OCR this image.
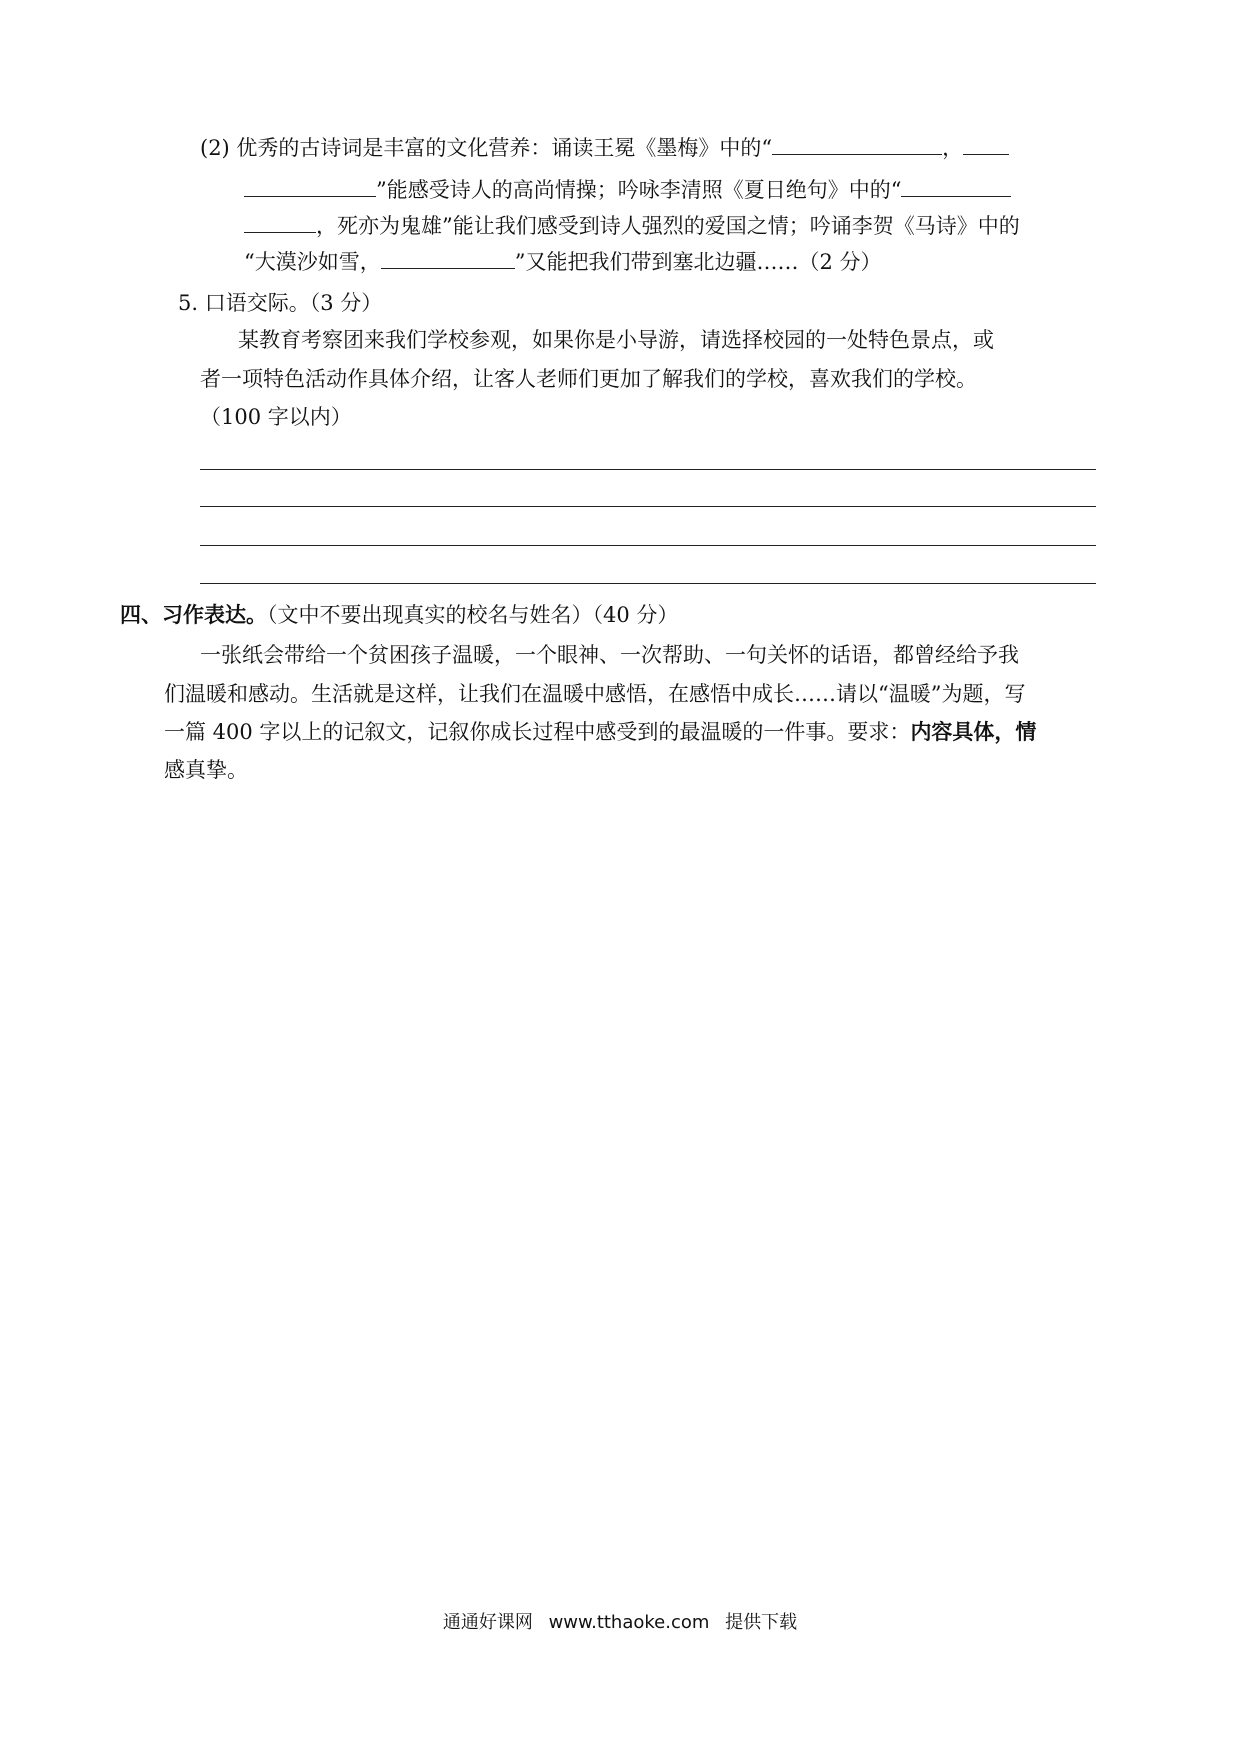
(2) 优秀的古诗词是丰富的文化营养：诵读王冕《墨梅》中的“	，
”能感受诗人的高尚情操；吟咏李清照《夏日绝句》中的“
，死亦为鬼雄”能让我们感受到诗人强烈的爱国之情；吟诵李贺《马诗》中的
“大漠沙如雪，	”又能把我们带到塞北边疆……（2 分）
5. 口语交际。（3 分）
某教育考察团来我们学校参观，如果你是小导游，请选择校园的一处特色景点，或
者一项特色活动作具体介绍，让客人老师们更加了解我们的学校，喜欢我们的学校。
（100 字以内）
四、习作表达。（文中不要出现真实的校名与姓名）（40 分）
一张纸会带给一个贫困孩子温暖，一个眼神、一次帮助、一句关怀的话语，都曾经给予我
们温暖和感动。生活就是这样，让我们在温暖中感悟，在感悟中成长……请以“温暖”为题，写
一篇 400 字以上的记叙文，记叙你成长过程中感受到的最温暖的一件事。要求：内容具体，情
感真挚。
通通好课网 www.tthaoke.com 提供下载
